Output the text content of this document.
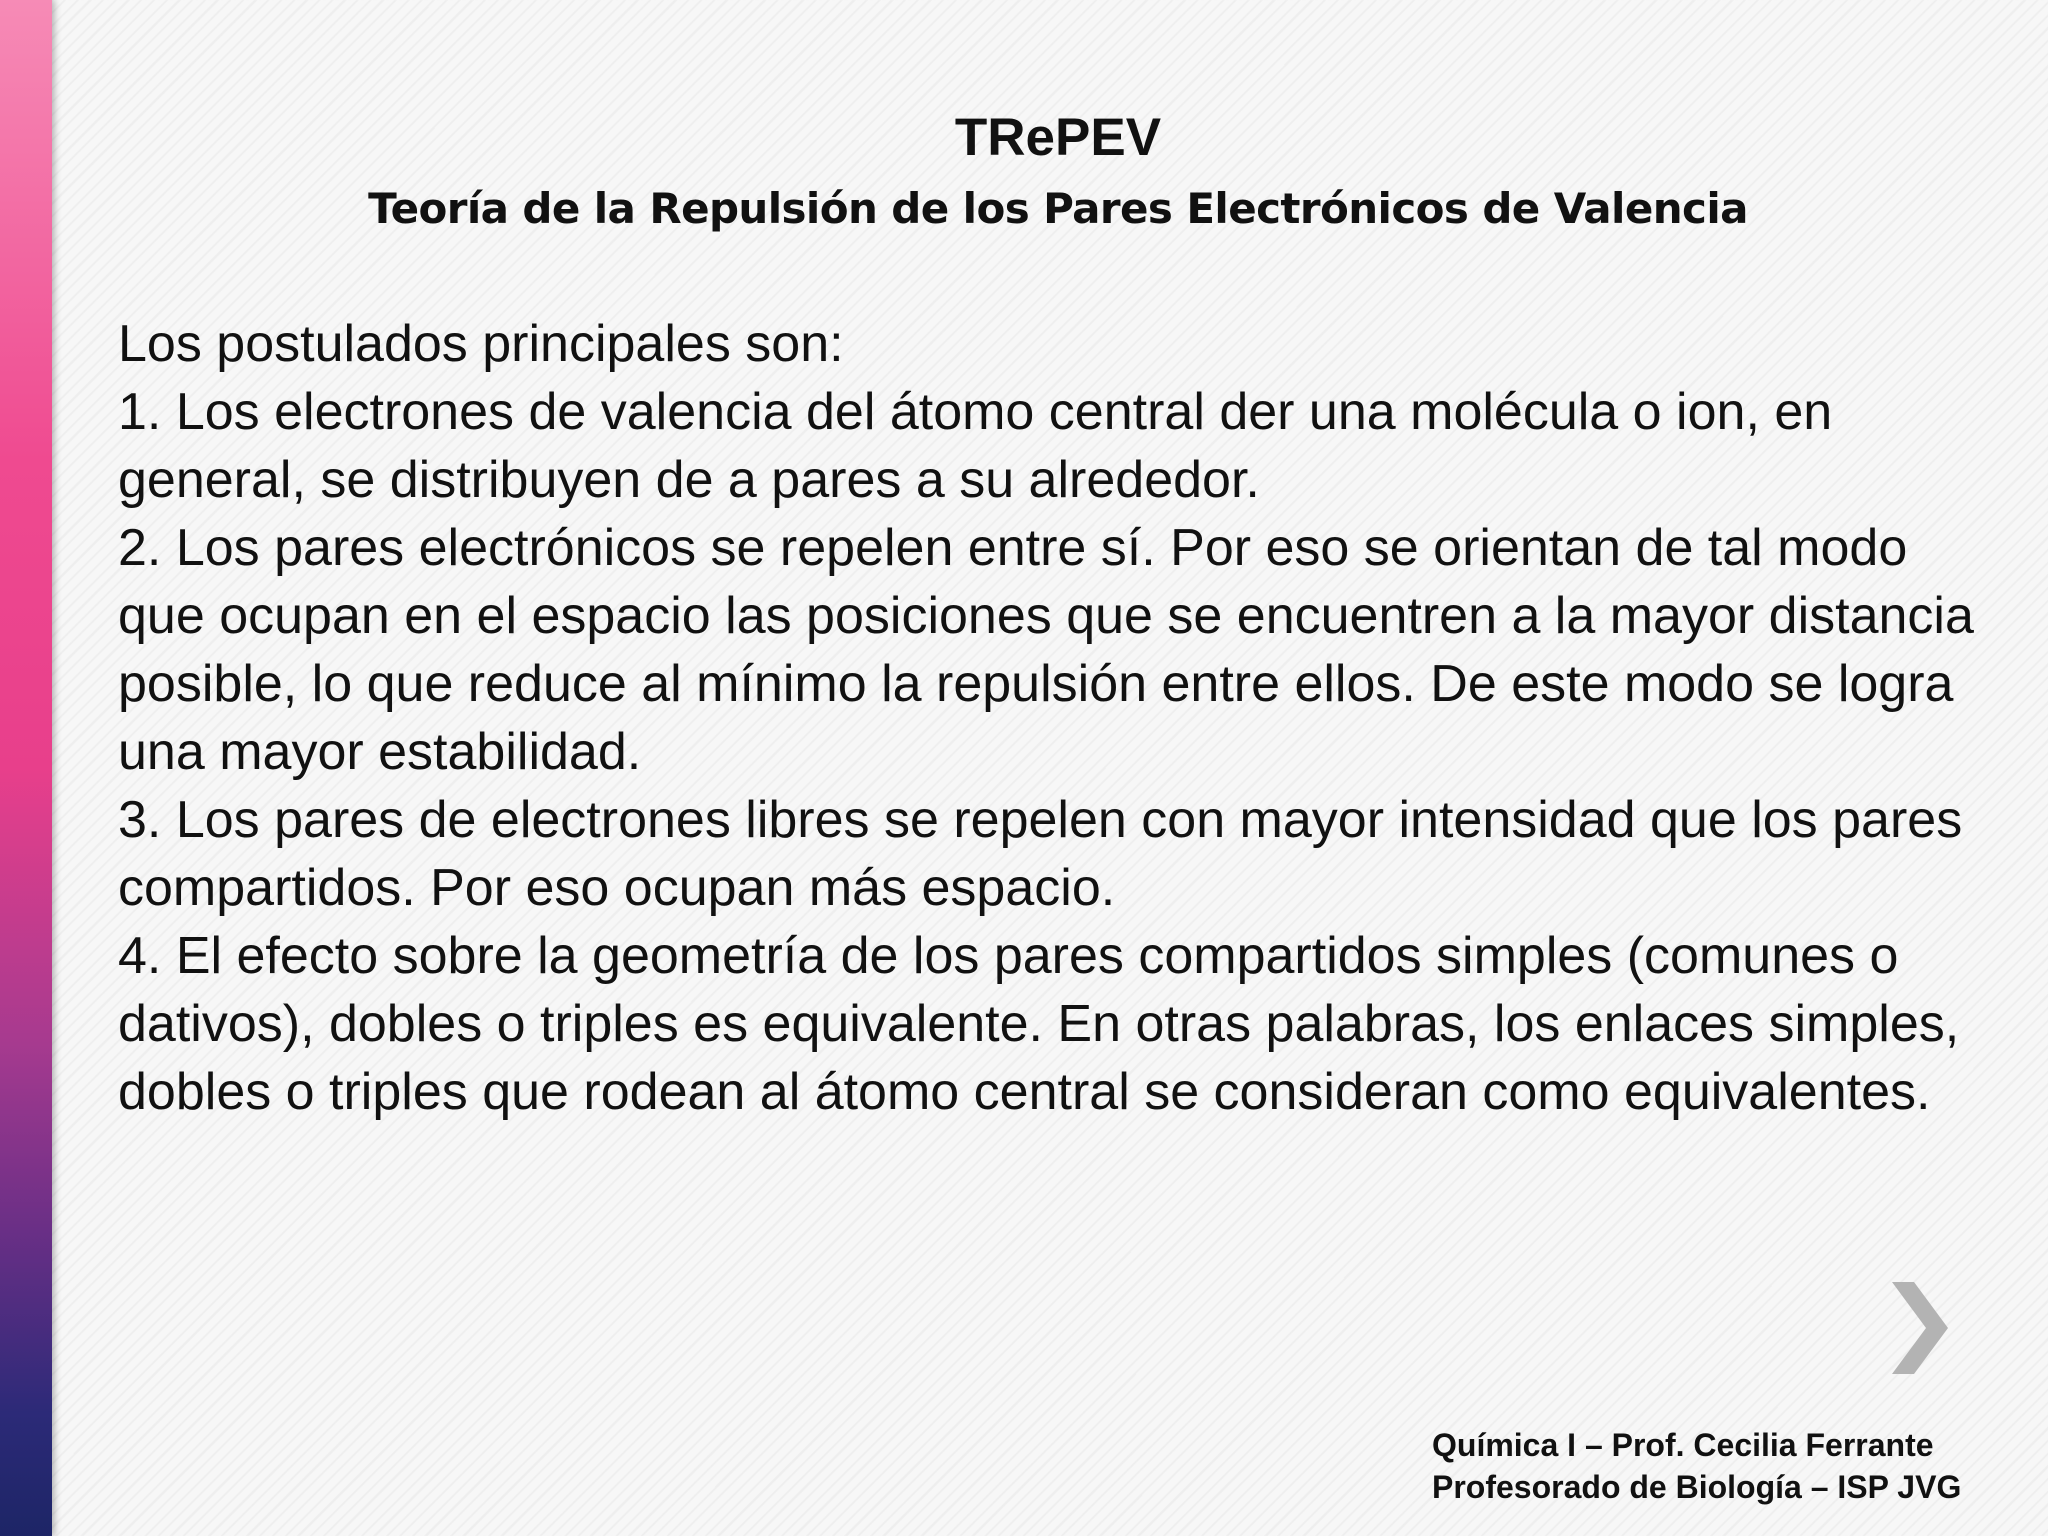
TRePEV
Teoría de la Repulsión de los Pares Electrónicos de Valencia

Los postulados principales son:

1. Los electrones de valencia del átomo central der una molécula o ion, en general, se distribuyen de a pares a su alrededor.

2. Los pares electrónicos se repelen entre sí. Por eso se orientan de tal modo que ocupan en el espacio las posiciones que se encuentren a la mayor distancia posible, lo que reduce al mínimo la repulsión entre ellos. De este modo se logra una mayor estabilidad.

3. Los pares de electrones libres se repelen con mayor intensidad que los pares compartidos. Por eso ocupan más espacio.

4. El efecto sobre la geometría de los pares compartidos simples (comunes o dativos), dobles o triples es equivalente. En otras palabras, los enlaces simples, dobles o triples que rodean al átomo central se consideran como equivalentes.

Química I – Prof. Cecilia Ferrante
Profesorado de Biología – ISP JVG
